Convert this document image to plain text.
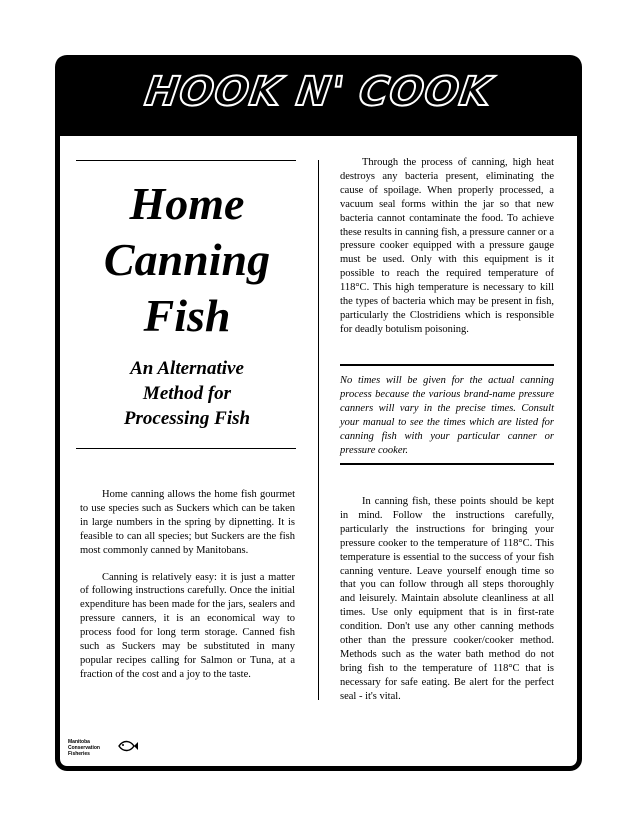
HOOK N' COOK
Home
Canning
Fish
An Alternative
Method for
Processing Fish

Home canning allows the home fish gourmet to use species such as Suckers which can be taken in large numbers in the spring by dipnetting. It is feasible to can all species; but Suckers are the fish most commonly canned by Manitobans.

Canning is relatively easy: it is just a matter of following instructions carefully. Once the initial expenditure has been made for the jars, sealers and pressure canners, it is an economical way to process food for long term storage. Canned fish such as Suckers may be substituted in many popular recipes calling for Salmon or Tuna, at a fraction of the cost and a joy to the taste.

Through the process of canning, high heat destroys any bacteria present, eliminating the cause of spoilage. When properly processed, a vacuum seal forms within the jar so that new bacteria cannot contaminate the food. To achieve these results in canning fish, a pressure canner or a pressure cooker equipped with a pressure gauge must be used. Only with this equipment is it possible to reach the required temperature of 118°C. This high temperature is necessary to kill the types of bacteria which may be present in fish, particularly the Clostridiens which is responsible for deadly botulism poisoning.

No times will be given for the actual canning process because the various brand-name pressure canners will vary in the precise times. Consult your manual to see the times which are listed for canning fish with your particular canner or pressure cooker.

In canning fish, these points should be kept in mind. Follow the instructions carefully, particularly the instructions for bringing your pressure cooker to the temperature of 118°C. This temperature is essential to the success of your fish canning venture. Leave yourself enough time so that you can follow through all steps thoroughly and leisurely. Maintain absolute cleanliness at all times. Use only equipment that is in first-rate condition. Don't use any other canning methods other than the pressure cooker/cooker method. Methods such as the water bath method do not bring fish to the temperature of 118°C that is necessary for safe eating. Be alert for the perfect seal - it's vital.

Manitoba
Conservation
Fisheries
